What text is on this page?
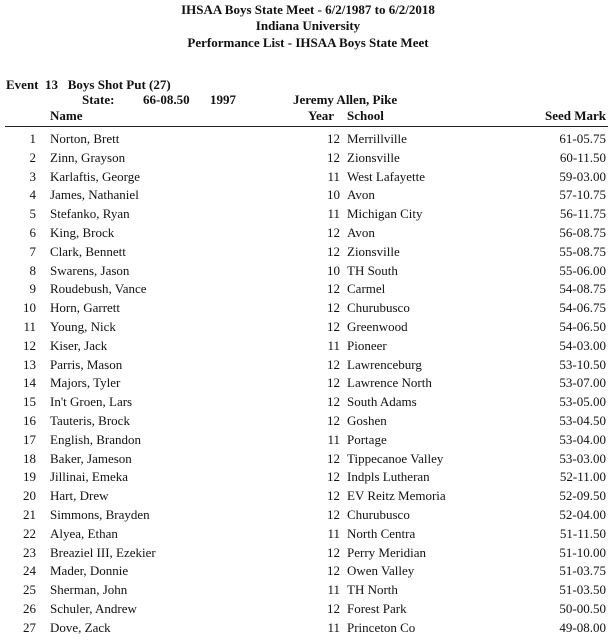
IHSAA Boys State Meet - 6/2/1987 to 6/2/2018
Indiana University
Performance List - IHSAA Boys State Meet
Event  13   Boys Shot Put (27)
State: 66-08.50 1997	Jeremy Allen, Pike
Name	Year School	Seed Mark
1 Norton, Brett	12 Merrillville	61-05.75
2 Zinn, Grayson	12 Zionsville	60-11.50
3 Karlaftis, George	11 West Lafayette	59-03.00
4 James, Nathaniel	10 Avon	57-10.75
5 Stefanko, Ryan	11 Michigan City	56-11.75
6 King, Brock	12 Avon	56-08.75
7 Clark, Bennett	12 Zionsville	55-08.75
8 Swarens, Jason	10 TH South	55-06.00
9 Roudebush, Vance	12 Carmel	54-08.75
10 Horn, Garrett	12 Churubusco	54-06.75
11 Young, Nick	12 Greenwood	54-06.50
12 Kiser, Jack	11 Pioneer	54-03.00
13 Parris, Mason	12 Lawrenceburg	53-10.50
14 Majors, Tyler	12 Lawrence North	53-07.00
15 In't Groen, Lars	12 South Adams	53-05.00
16 Tauteris, Brock	12 Goshen	53-04.50
17 English, Brandon	11 Portage	53-04.00
18 Baker, Jameson	12 Tippecanoe Valley	53-03.00
19 Jillinai, Emeka	12 Indpls Lutheran	52-11.00
20 Hart, Drew	12 EV Reitz Memoria	52-09.50
21 Simmons, Brayden	12 Churubusco	52-04.00
22 Alyea, Ethan	11 North Centra	51-11.50
23 Breaziel III, Ezekier	12 Perry Meridian	51-10.00
24 Mader, Donnie	12 Owen Valley	51-03.75
25 Sherman, John	11 TH North	51-03.50
26 Schuler, Andrew	12 Forest Park	50-00.50
27 Dove, Zack	11 Princeton Co	49-08.00
